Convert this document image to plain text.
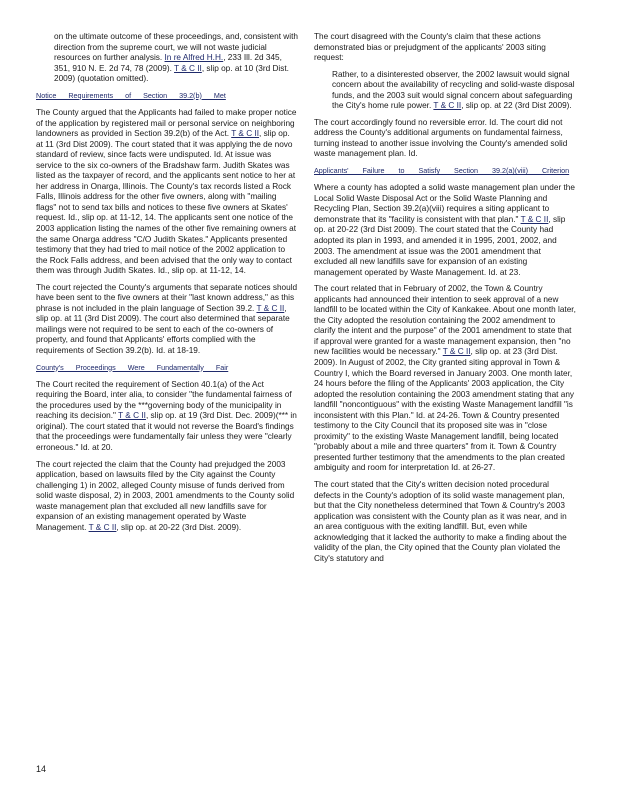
on the ultimate outcome of these proceedings, and, consistent with direction from the supreme court, we will not waste judicial resources on further analysis. In re Alfred H.H., 233 Ill. 2d 345, 351, 910 N. E. 2d 74, 78 (2009). T & C II, slip op. at 10 (3rd Dist. 2009) (quotation omitted).

Notice Requirements of Section 39.2(b) Met

The County argued that the Applicants had failed to make proper notice of the application by registered mail or personal service on neighboring landowners as provided in Section 39.2(b) of the Act. T & C II, slip op. at 11 (3rd Dist 2009). The court stated that it was applying the de novo standard of review, since facts were undisputed. Id. At issue was service to the six co-owners of the Bradshaw farm. Judith Skates was listed as the taxpayer of record, and the applicants sent notice to her at her address in Onarga, Illinois. The County's tax records listed a Rock Falls, Illinois address for the other five owners, along with "mailing flags" not to send tax bills and notices to these five owners at Skates' request. Id., slip op. at 11-12, 14. The applicants sent one notice of the 2003 application listing the names of the other five remaining owners at the same Onarga address "C/O Judith Skates." Applicants presented testimony that they had tried to mail notice of the 2002 application to the Rock Falls address, and been advised that the only way to contact them was through Judith Skates. Id., slip op. at 11-12, 14.

The court rejected the County's arguments that separate notices should have been sent to the five owners at their "last known address," as this phrase is not included in the plain language of Section 39.2. T & C II, slip op. at 11 (3rd Dist 2009). The court also determined that separate mailings were not required to be sent to each of the co-owners of property, and found that Applicants' efforts complied with the requirements of Section 39.2(b). Id. at 18-19.

County's Proceedings Were Fundamentally Fair

The Court recited the requirement of Section 40.1(a) of the Act requiring the Board, inter alia, to consider "the fundamental fairness of the procedures used by the ***governing body of the municipality in reaching its decision." T & C II, slip op. at 19 (3rd Dist. Dec. 2009)(*** in original). The court stated that it would not reverse the Board's findings that the proceedings were fundamentally fair unless they were "clearly erroneous." Id. at 20.

The court rejected the claim that the County had prejudged the 2003 application, based on lawsuits filed by the City against the County challenging 1) in 2002, alleged County misuse of funds derived from solid waste disposal, 2) in 2003, 2001 amendments to the County solid waste management plan that excluded all new landfills save for expansion of an existing management operated by Waste Management. T & C II, slip op. at 20-22 (3rd Dist. 2009).

The court disagreed with the County's claim that these actions demonstrated bias or prejudgment of the applicants' 2003 siting request:

Rather, to a disinterested observer, the 2002 lawsuit would signal concern about the availability of recycling and solid-waste disposal funds, and the 2003 suit would signal concern about safeguarding the City's home rule power. T & C II, slip op. at 22 (3rd Dist 2009).

The court accordingly found no reversible error. Id. The court did not address the County's additional arguments on fundamental fairness, turning instead to another issue involving the County's amended solid waste management plan. Id.

Applicants' Failure to Satisfy Section 39.2(a)(viii) Criterion

Where a county has adopted a solid waste management plan under the Local Solid Waste Disposal Act or the Solid Waste Planning and Recycling Plan, Section 39.2(a)(viii) requires a siting applicant to demonstrate that its "facility is consistent with that plan." T & C II, slip op. at 20-22 (3rd Dist 2009). The court stated that the County had adopted its plan in 1993, and amended it in 1995, 2001, 2002, and 2003. The amendment at issue was the 2001 amendment that excluded all new landfills save for expansion of an existing management operated by Waste Management. Id. at 23.

The court related that in February of 2002, the Town & Country applicants had announced their intention to seek approval of a new landfill to be located within the City of Kankakee. About one month later, the City adopted the resolution containing the 2002 amendment to clarify the intent and the purpose" of the 2001 amendment to state that if approval were granted for a waste management expansion, then "no new facilities would be necessary." T & C II, slip op. at 23 (3rd Dist. 2009). In August of 2002, the City granted siting approval in Town & Country I, which the Board reversed in January 2003. One month later, 24 hours before the filing of the Applicants' 2003 application, the City adopted the resolution containing the 2003 amendment stating that any landfill "noncontiguous" with the existing Waste Management landfill "is inconsistent with this Plan." Id. at 24-26. Town & Country presented testimony to the City Council that its proposed site was in "close proximity" to the existing Waste Management landfill, being located "probably about a mile and three quarters" from it. Town & Country presented further testimony that the amendments to the plan created ambiguity and room for interpretation Id. at 26-27.

The court stated that the City's written decision noted procedural defects in the County's adoption of its solid waste management plan, but that the City nonetheless determined that Town & Country's 2003 application was consistent with the County plan as it was near, and in an area contiguous with the exiting landfill. But, even while acknowledging that it lacked the authority to make a finding about the validity of the plan, the City opined that the County plan violated the City's statutory and

14
